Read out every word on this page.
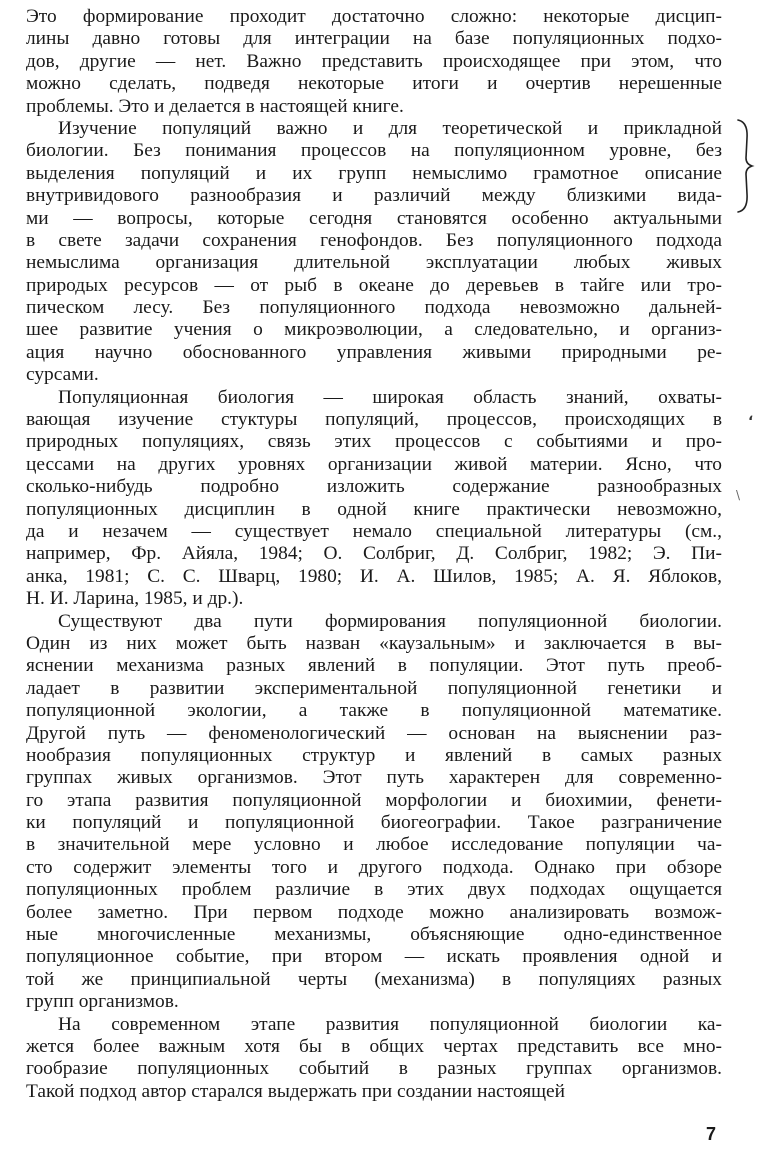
Это формирование проходит достаточно сложно: некоторые дисцип-
лины давно готовы для интеграции на базе популяционных подхо-
дов, другие — нет. Важно представить происходящее при этом, что
можно сделать, подведя некоторые итоги и очертив нерешенные
проблемы. Это и делается в настоящей книге.
Изучение популяций важно и для теоретической и прикладной
биологии. Без понимания процессов на популяционном уровне, без
выделения популяций и их групп немыслимо грамотное описание
внутривидового разнообразия и различий между близкими вида-
ми — вопросы, которые сегодня становятся особенно актуальными
в свете задачи сохранения генофондов. Без популяционного подхода
немыслима организация длительной эксплуатации любых живых
природых ресурсов — от рыб в океане до деревьев в тайге или тро-
пическом лесу. Без популяционного подхода невозможно дальней-
шее развитие учения о микроэволюции, а следовательно, и организ-
ация научно обоснованного управления живыми природными ре-
сурсами.
Популяционная биология — широкая область знаний, охваты-
вающая изучение стуктуры популяций, процессов, происходящих в
природных популяциях, связь этих процессов с событиями и про-
цессами на других уровнях организации живой материи. Ясно, что
сколько-нибудь подробно изложить содержание разнообразных
популяционных дисциплин в одной книге практически невозможно,
да и незачем — существует немало специальной литературы (см.,
например, Фр. Айяла, 1984; О. Солбриг, Д. Солбриг, 1982; Э. Пи-
анка, 1981; С. С. Шварц, 1980; И. А. Шилов, 1985; А. Я. Яблоков,
Н. И. Ларина, 1985, и др.).
Существуют два пути формирования популяционной биологии.
Один из них может быть назван «каузальным» и заключается в вы-
яснении механизма разных явлений в популяции. Этот путь преоб-
ладает в развитии экспериментальной популяционной генетики и
популяционной экологии, а также в популяционной математике.
Другой путь — феноменологический — основан на выяснении раз-
нообразия популяционных структур и явлений в самых разных
группах живых организмов. Этот путь характерен для современно-
го этапа развития популяционной морфологии и биохимии, фенети-
ки популяций и популяционной биогеографии. Такое разграничение
в значительной мере условно и любое исследование популяции ча-
сто содержит элементы того и другого подхода. Однако при обзоре
популяционных проблем различие в этих двух подходах ощущается
более заметно. При первом подходе можно анализировать возмож-
ные многочисленные механизмы, объясняющие одно-единственное
популяционное событие, при втором — искать проявления одной и
той же принципиальной черты (механизма) в популяциях разных
групп организмов.
На современном этапе развития популяционной биологии ка-
жется более важным хотя бы в общих чертах представить все мно-
гообразие популяционных событий в разных группах организмов.
Такой подход автор старался выдержать при создании настоящей
7
ʻ
\
